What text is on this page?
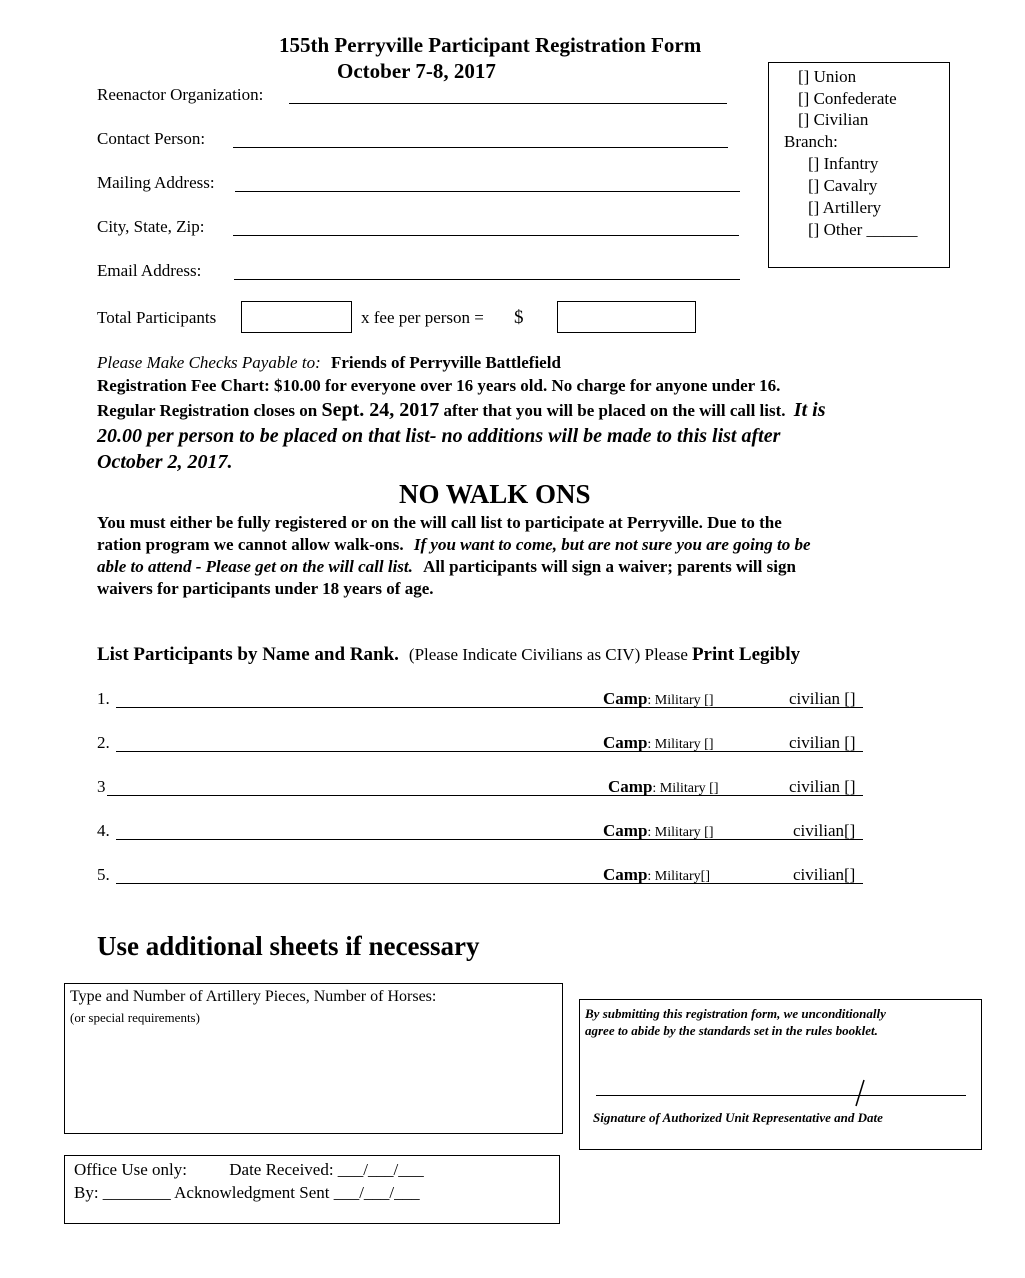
155th Perryville Participant Registration Form
October 7-8, 2017
Reenactor Organization:
Contact Person:
Mailing Address:
City, State, Zip:
Email Address:
Total Participants	x fee per person = $
[] Union
[] Confederate
[] Civilian
Branch:
[] Infantry
[] Cavalry
[] Artillery
[] Other ______
Please Make Checks Payable to: Friends of Perryville Battlefield
Registration Fee Chart: $10.00 for everyone over 16 years old. No charge for anyone under 16.
Regular Registration closes on Sept. 24, 2017 after that you will be placed on the will call list. It is
20.00 per person to be placed on that list- no additions will be made to this list after
October 2, 2017.
NO WALK ONS
You must either be fully registered or on the will call list to participate at Perryville. Due to the
ration program we cannot allow walk-ons. If you want to come, but are not sure you are going to be
able to attend - Please get on the will call list. All participants will sign a waiver; parents will sign
waivers for participants under 18 years of age.
List Participants by Name and Rank. (Please Indicate Civilians as CIV) Please Print Legibly
1.	Camp: Military []	civilian []
2.	Camp: Military []	civilian []
3	Camp: Military []	civilian []
4.	Camp: Military []	civilian[]
5.	Camp: Military[]	civilian[]
Use additional sheets if necessary
Type and Number of Artillery Pieces, Number of Horses:
(or special requirements)	By submitting this registration form, we unconditionally
agree to abide by the standards set in the rules booklet.
Signature of Authorized Unit Representative and Date
Office Use only: Date Received: ___/___/___
By: ________ Acknowledgment Sent ___/___/___
